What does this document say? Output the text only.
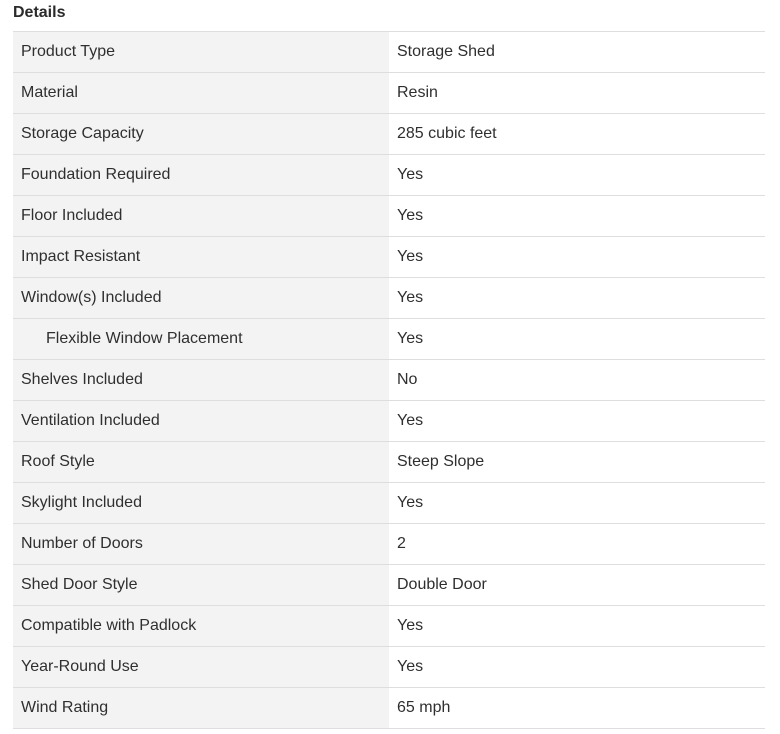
Details
Product Type	Storage Shed
Material	Resin
Storage Capacity	285 cubic feet
Foundation Required	Yes
Floor Included	Yes
Impact Resistant	Yes
Window(s) Included	Yes
Flexible Window Placement	Yes
Shelves Included	No
Ventilation Included	Yes
Roof Style	Steep Slope
Skylight Included	Yes
Number of Doors	2
Shed Door Style	Double Door
Compatible with Padlock	Yes
Year-Round Use	Yes
Wind Rating	65 mph
